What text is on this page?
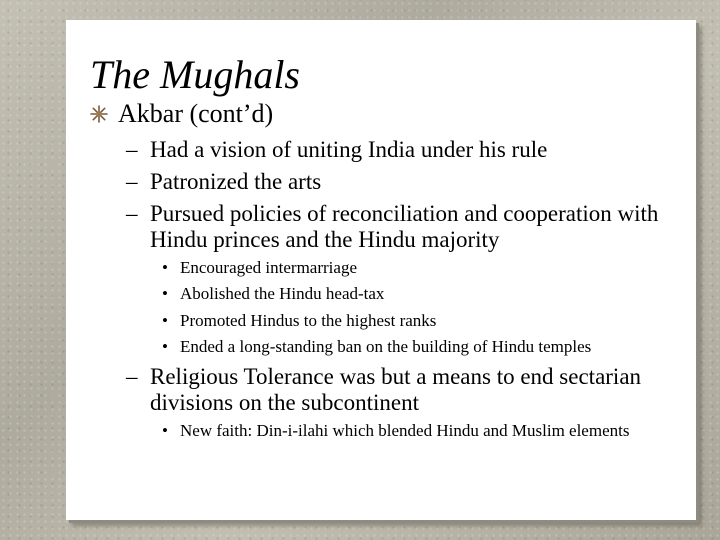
The Mughals
Akbar (cont’d)
– Had a vision of uniting India under his rule
– Patronized the arts
– Pursued policies of reconciliation and cooperation with Hindu princes and the Hindu majority
• Encouraged intermarriage
• Abolished the Hindu head-tax
• Promoted Hindus to the highest ranks
• Ended a long-standing ban on the building of Hindu temples
– Religious Tolerance was but a means to end sectarian divisions on the subcontinent
• New faith: Din-i-ilahi which blended Hindu and Muslim elements
